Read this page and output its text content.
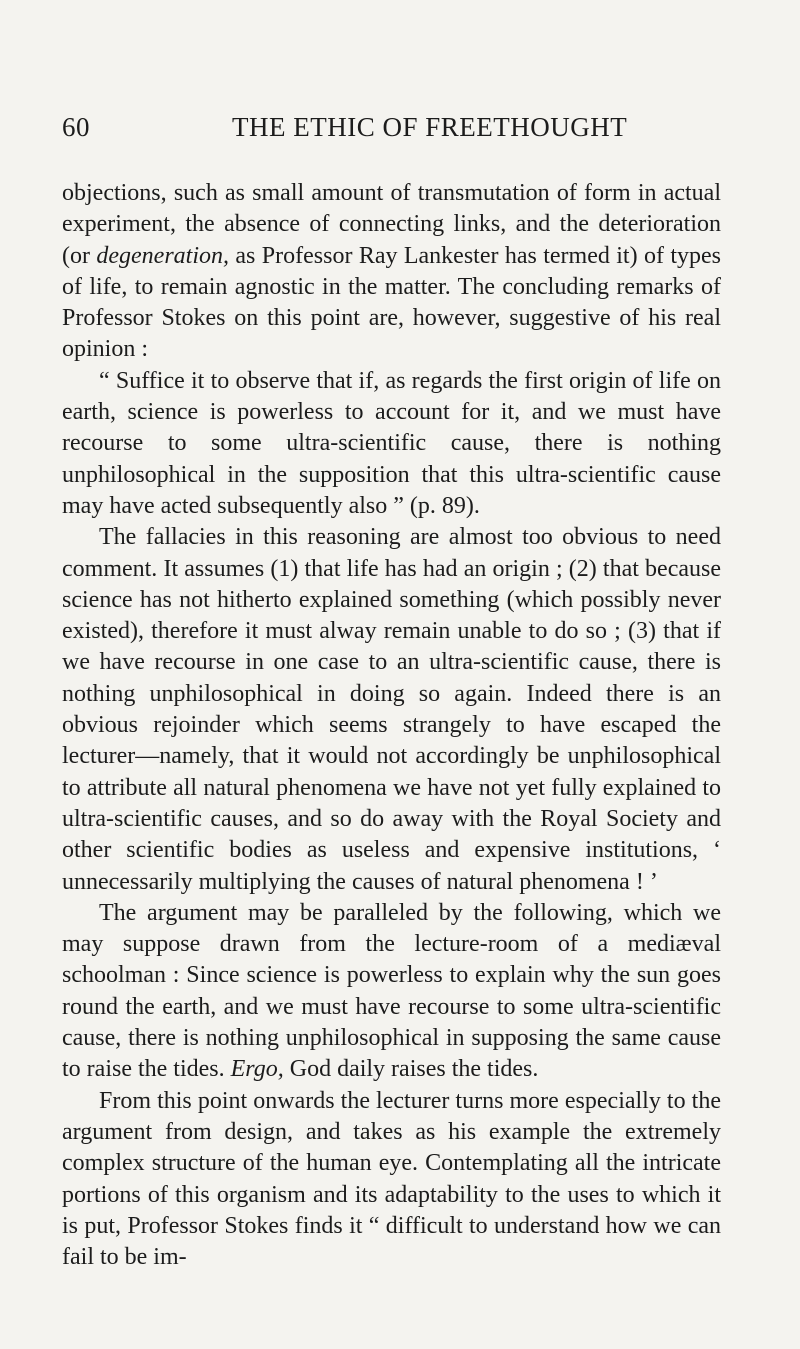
60	THE ETHIC OF FREETHOUGHT

objections, such as small amount of transmutation of form in actual experiment, the absence of connecting links, and the deterioration (or degeneration, as Professor Ray Lankester has termed it) of types of life, to remain agnostic in the matter. The concluding remarks of Professor Stokes on this point are, however, suggestive of his real opinion :

“ Suffice it to observe that if, as regards the first origin of life on earth, science is powerless to account for it, and we must have recourse to some ultra-scientific cause, there is nothing unphilosophical in the supposition that this ultra-scientific cause may have acted subsequently also ” (p. 89).

The fallacies in this reasoning are almost too obvious to need comment. It assumes (1) that life has had an origin ; (2) that because science has not hitherto explained something (which possibly never existed), therefore it must alway remain unable to do so ; (3) that if we have recourse in one case to an ultra-scientific cause, there is nothing unphilosophical in doing so again. Indeed there is an obvious rejoinder which seems strangely to have escaped the lecturer—namely, that it would not accordingly be unphilosophical to attribute all natural phenomena we have not yet fully explained to ultra-scientific causes, and so do away with the Royal Society and other scientific bodies as useless and expensive institutions, ‘ unnecessarily multiplying the causes of natural phenomena ! ’

The argument may be paralleled by the following, which we may suppose drawn from the lecture-room of a mediæval schoolman : Since science is powerless to explain why the sun goes round the earth, and we must have recourse to some ultra-scientific cause, there is nothing unphilosophical in supposing the same cause to raise the tides. Ergo, God daily raises the tides.

From this point onwards the lecturer turns more especially to the argument from design, and takes as his example the extremely complex structure of the human eye. Contemplating all the intricate portions of this organism and its adaptability to the uses to which it is put, Professor Stokes finds it “ difficult to understand how we can fail to be im-
